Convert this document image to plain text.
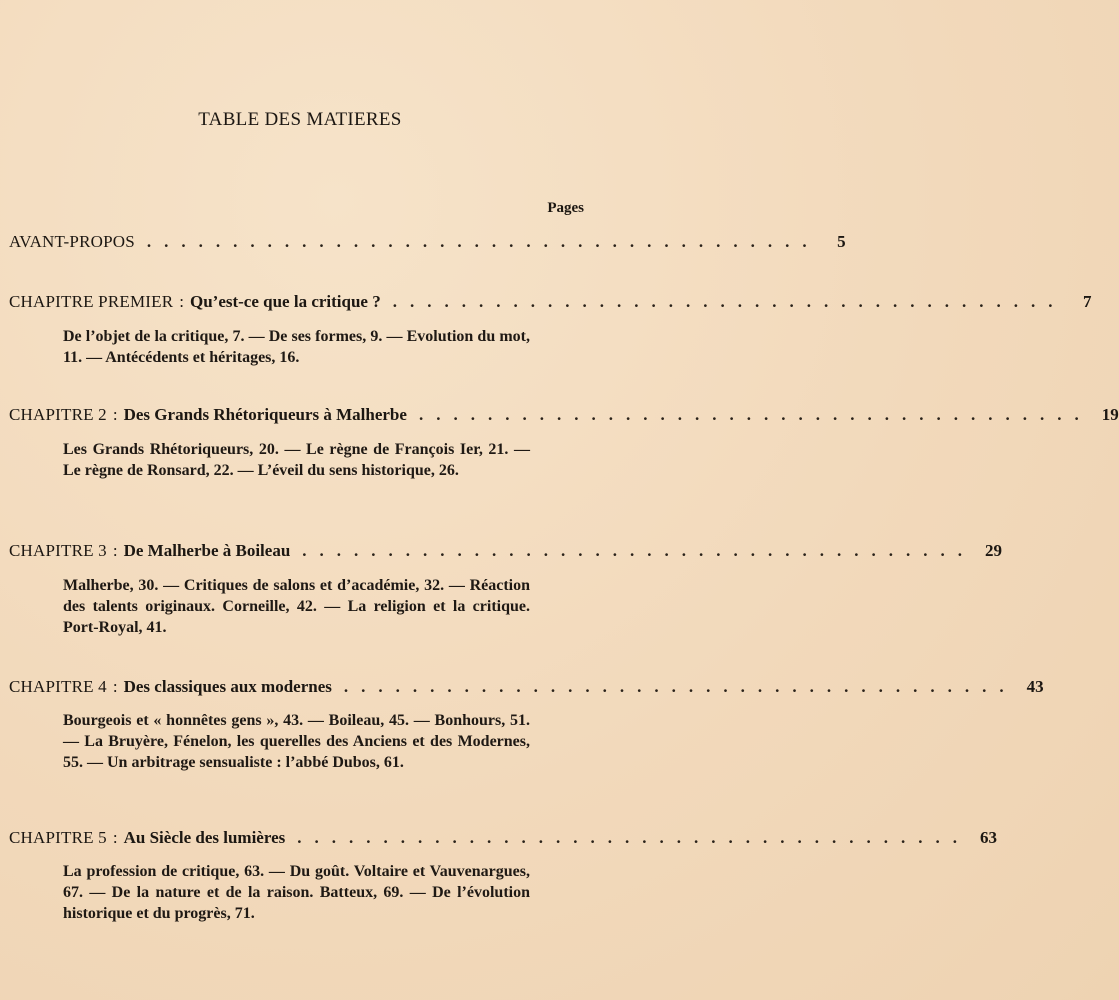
TABLE DES MATIERES
Pages
AVANT-PROPOS .......................................	5
CHAPITRE PREMIER : Qu’est-ce que la critique ? .......................................	7

De l’objet de la critique, 7. — De ses formes, 9. — Evolution du mot, 11. — Antécédents et héritages, 16.

CHAPITRE 2 : Des Grands Rhétoriqueurs à Malherbe ....................................... 19

Les Grands Rhétoriqueurs, 20. — Le règne de François Ier, 21. — Le règne de Ronsard, 22. — L’éveil du sens historique, 26.

CHAPITRE 3 : De Malherbe à Boileau ....................................... 29

Malherbe, 30. — Critiques de salons et d’académie, 32. — Réaction des talents originaux. Corneille, 42. — La religion et la critique. Port-Royal, 41.

CHAPITRE 4 : Des classiques aux modernes ....................................... 43

Bourgeois et « honnêtes gens », 43. — Boileau, 45. — Bonhours, 51. — La Bruyère, Fénelon, les querelles des Anciens et des Modernes, 55. — Un arbitrage sensualiste : l’abbé Dubos, 61.

CHAPITRE 5 : Au Siècle des lumières ....................................... 63

La profession de critique, 63. — Du goût. Voltaire et Vauvenargues, 67. — De la nature et de la raison. Batteux, 69. — De l’évolution historique et du progrès, 71.
